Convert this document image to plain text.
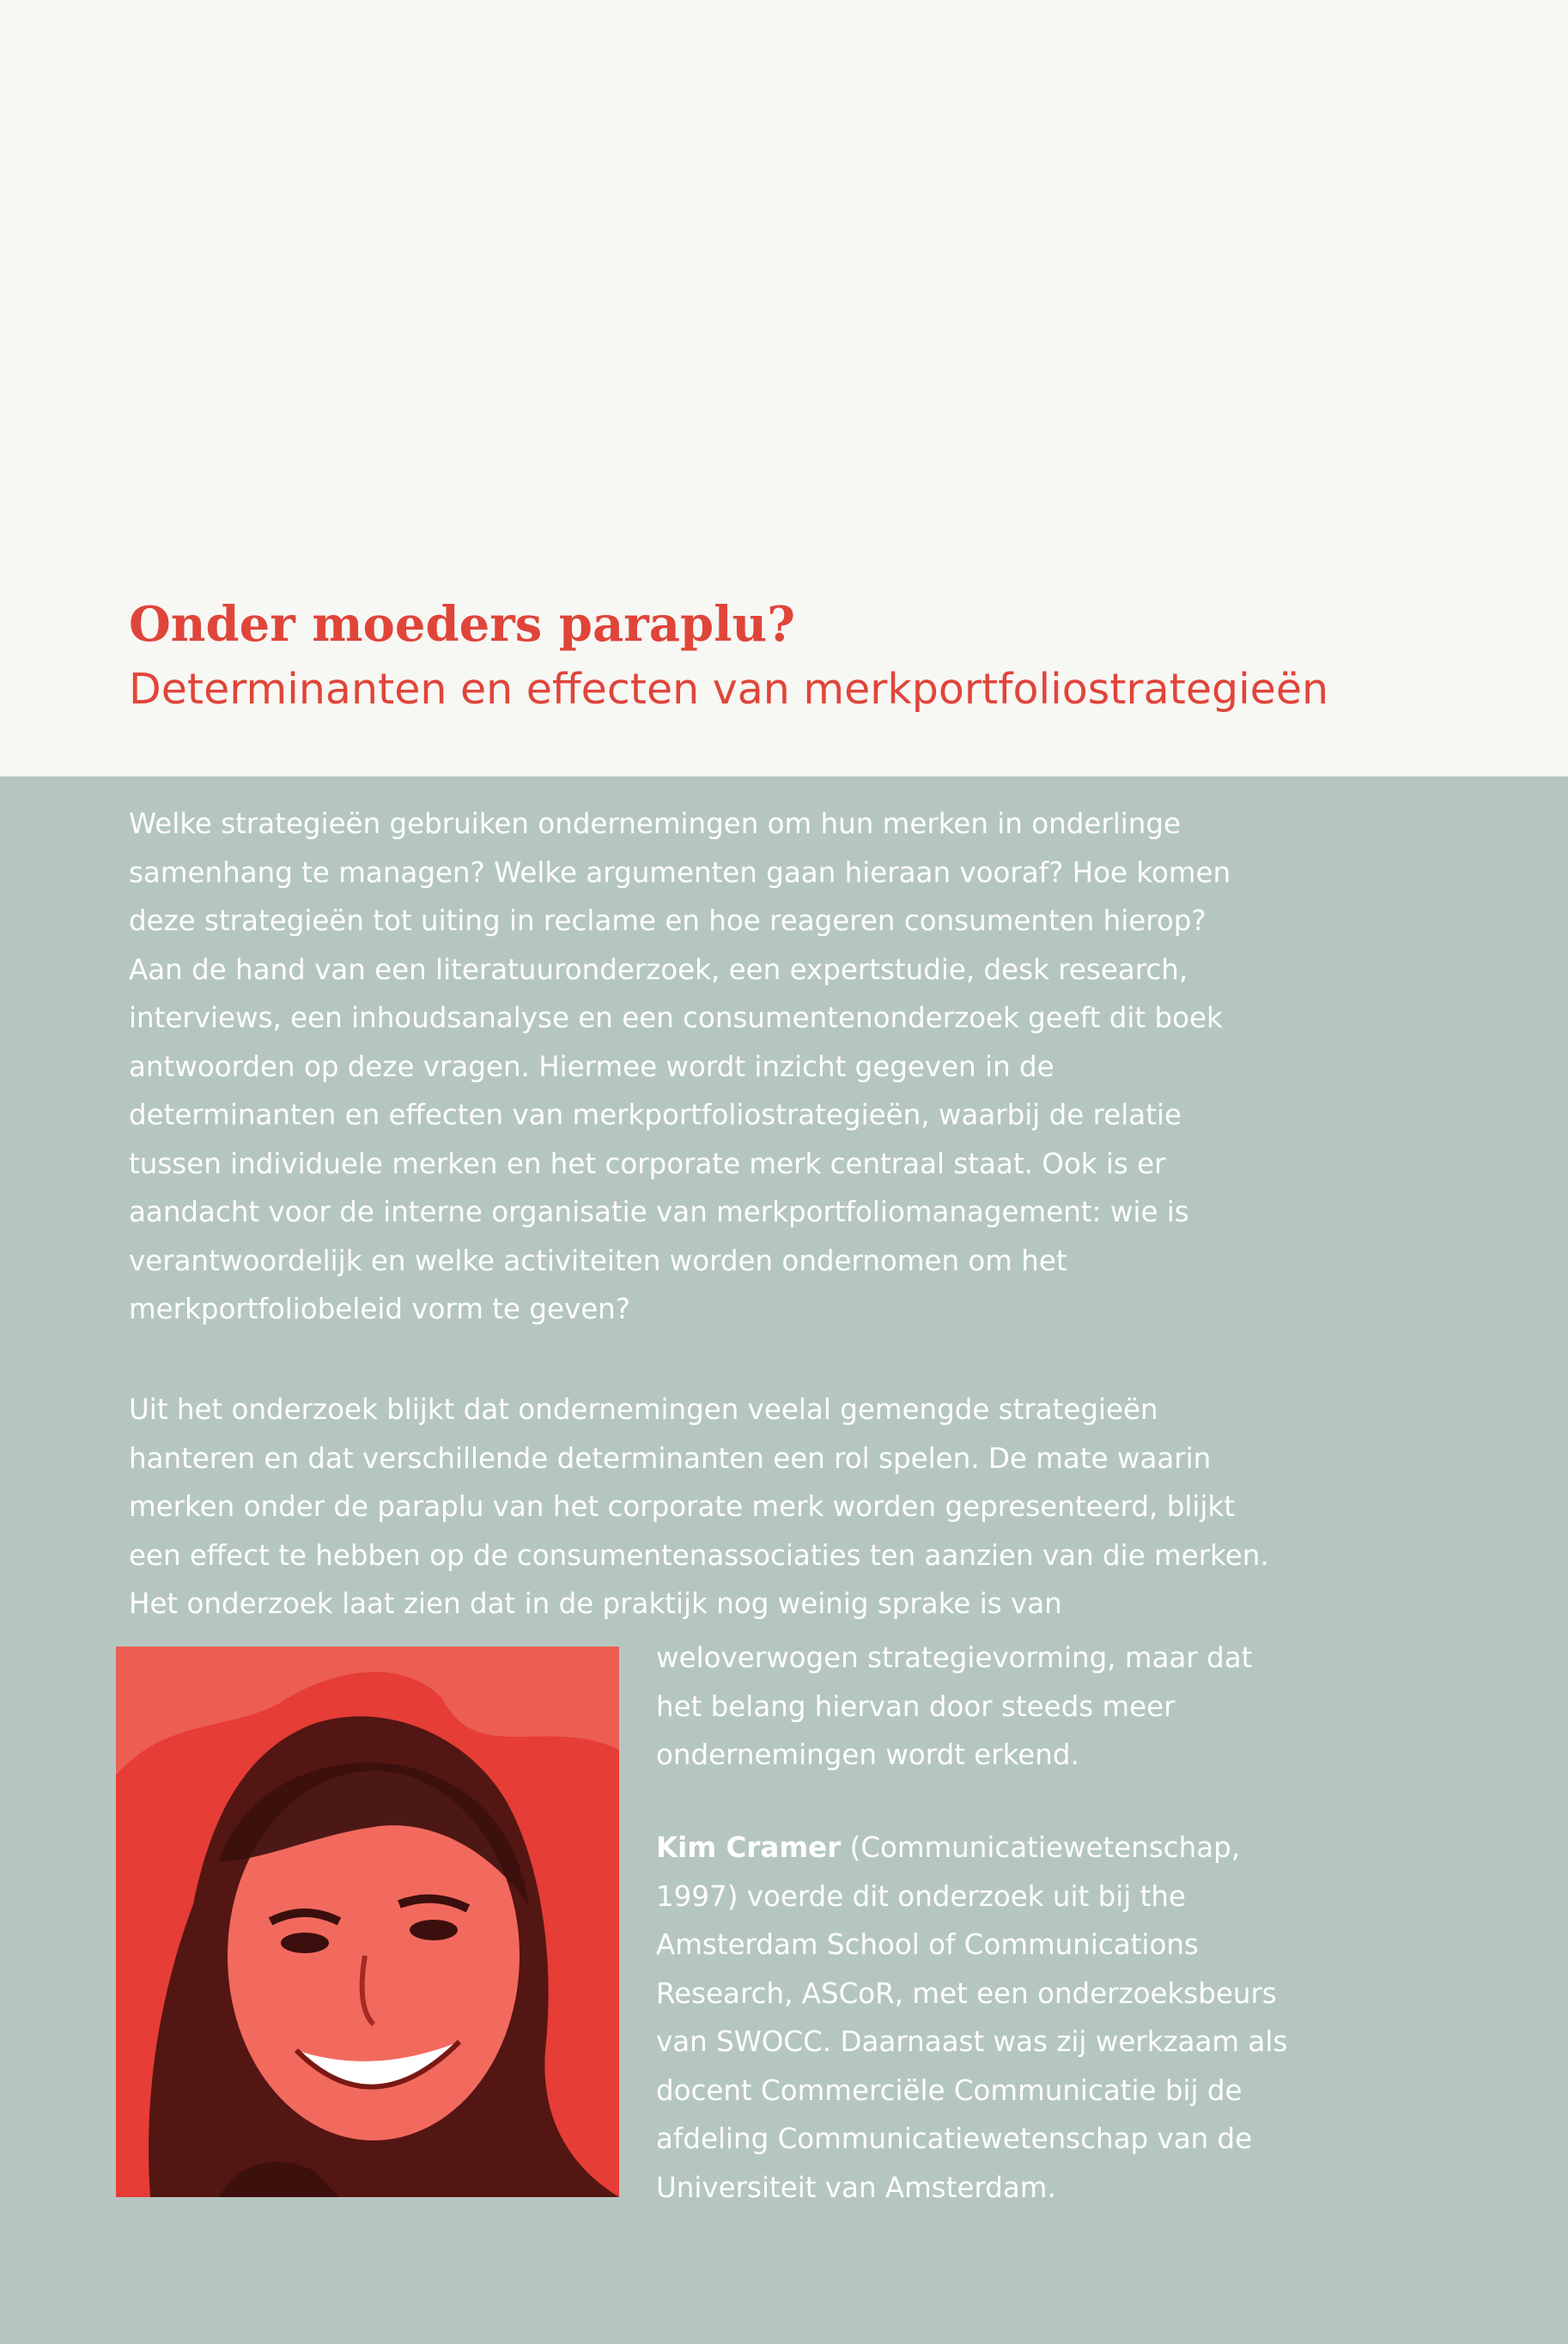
Onder moeders paraplu?
Determinanten en effecten van merkportfoliostrategieën

Welke strategieën gebruiken ondernemingen om hun merken in onderlinge
samenhang te managen? Welke argumenten gaan hieraan vooraf? Hoe komen
deze strategieën tot uiting in reclame en hoe reageren consumenten hierop?
Aan de hand van een literatuuronderzoek, een expertstudie, desk research,
interviews, een inhoudsanalyse en een consumentenonderzoek geeft dit boek
antwoorden op deze vragen. Hiermee wordt inzicht gegeven in de
determinanten en effecten van merkportfoliostrategieën, waarbij de relatie
tussen individuele merken en het corporate merk centraal staat. Ook is er
aandacht voor de interne organisatie van merkportfoliomanagement: wie is
verantwoordelijk en welke activiteiten worden ondernomen om het
merkportfoliobeleid vorm te geven?

Uit het onderzoek blijkt dat ondernemingen veelal gemengde strategieën
hanteren en dat verschillende determinanten een rol spelen. De mate waarin
merken onder de paraplu van het corporate merk worden gepresenteerd, blijkt
een effect te hebben op de consumentenassociaties ten aanzien van die merken.
Het onderzoek laat zien dat in de praktijk nog weinig sprake is van

weloverwogen strategievorming, maar dat
het belang hiervan door steeds meer
ondernemingen wordt erkend.

Kim Cramer (Communicatiewetenschap,
1997) voerde dit onderzoek uit bij the
Amsterdam School of Communications
Research, ASCoR, met een onderzoeksbeurs
van SWOCC. Daarnaast was zij werkzaam als
docent Commerciële Communicatie bij de
afdeling Communicatiewetenschap van de
Universiteit van Amsterdam.
